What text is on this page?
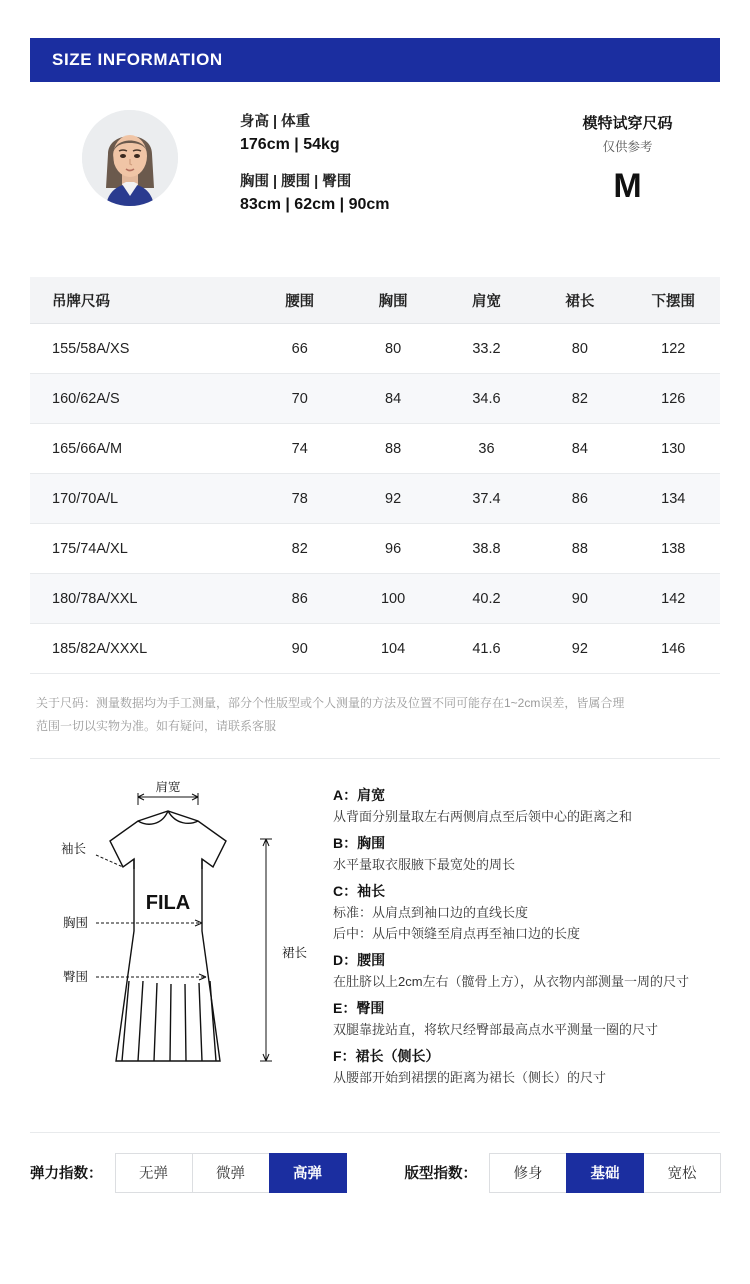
SIZE INFORMATION
身高 | 体重
176cm | 54kg
胸围 | 腰围 | 臀围
83cm | 62cm | 90cm
模特试穿尺码
仅供参考
M
吊牌尺码	腰围	胸围	肩宽	裙长	下摆围
155/58A/XS	66	80	33.2	80	122
160/62A/S	70	84	34.6	82	126
165/66A/M	74	88	36	84	130
170/70A/L	78	92	37.4	86	134
175/74A/XL	82	96	38.8	88	138
180/78A/XXL	86	100	40.2	90	142
185/82A/XXXL	90	104	41.6	92	146
关于尺码：测量数据均为手工测量，部分个性版型或个人测量的方法及位置不同可能存在1~2cm误差，皆属合理
范围一切以实物为准。如有疑问，请联系客服
FILA
肩宽
袖长
胸围
臀围
裙长
A：肩宽
从背面分别量取左右两侧肩点至后领中心的距离之和
B：胸围
水平量取衣服腋下最宽处的周长
C：袖长
标准：从肩点到袖口边的直线长度
后中：从后中领缝至肩点再至袖口边的长度
D：腰围
在肚脐以上2cm左右（髋骨上方），从衣物内部测量一周的尺寸
E：臀围
双腿靠拢站直，将软尺经臀部最高点水平测量一圈的尺寸
F：裙长（侧长）
从腰部开始到裙摆的距离为裙长（侧长）的尺寸
弹力指数：	无弹	微弹	高弹	版型指数：	修身	基础	宽松
